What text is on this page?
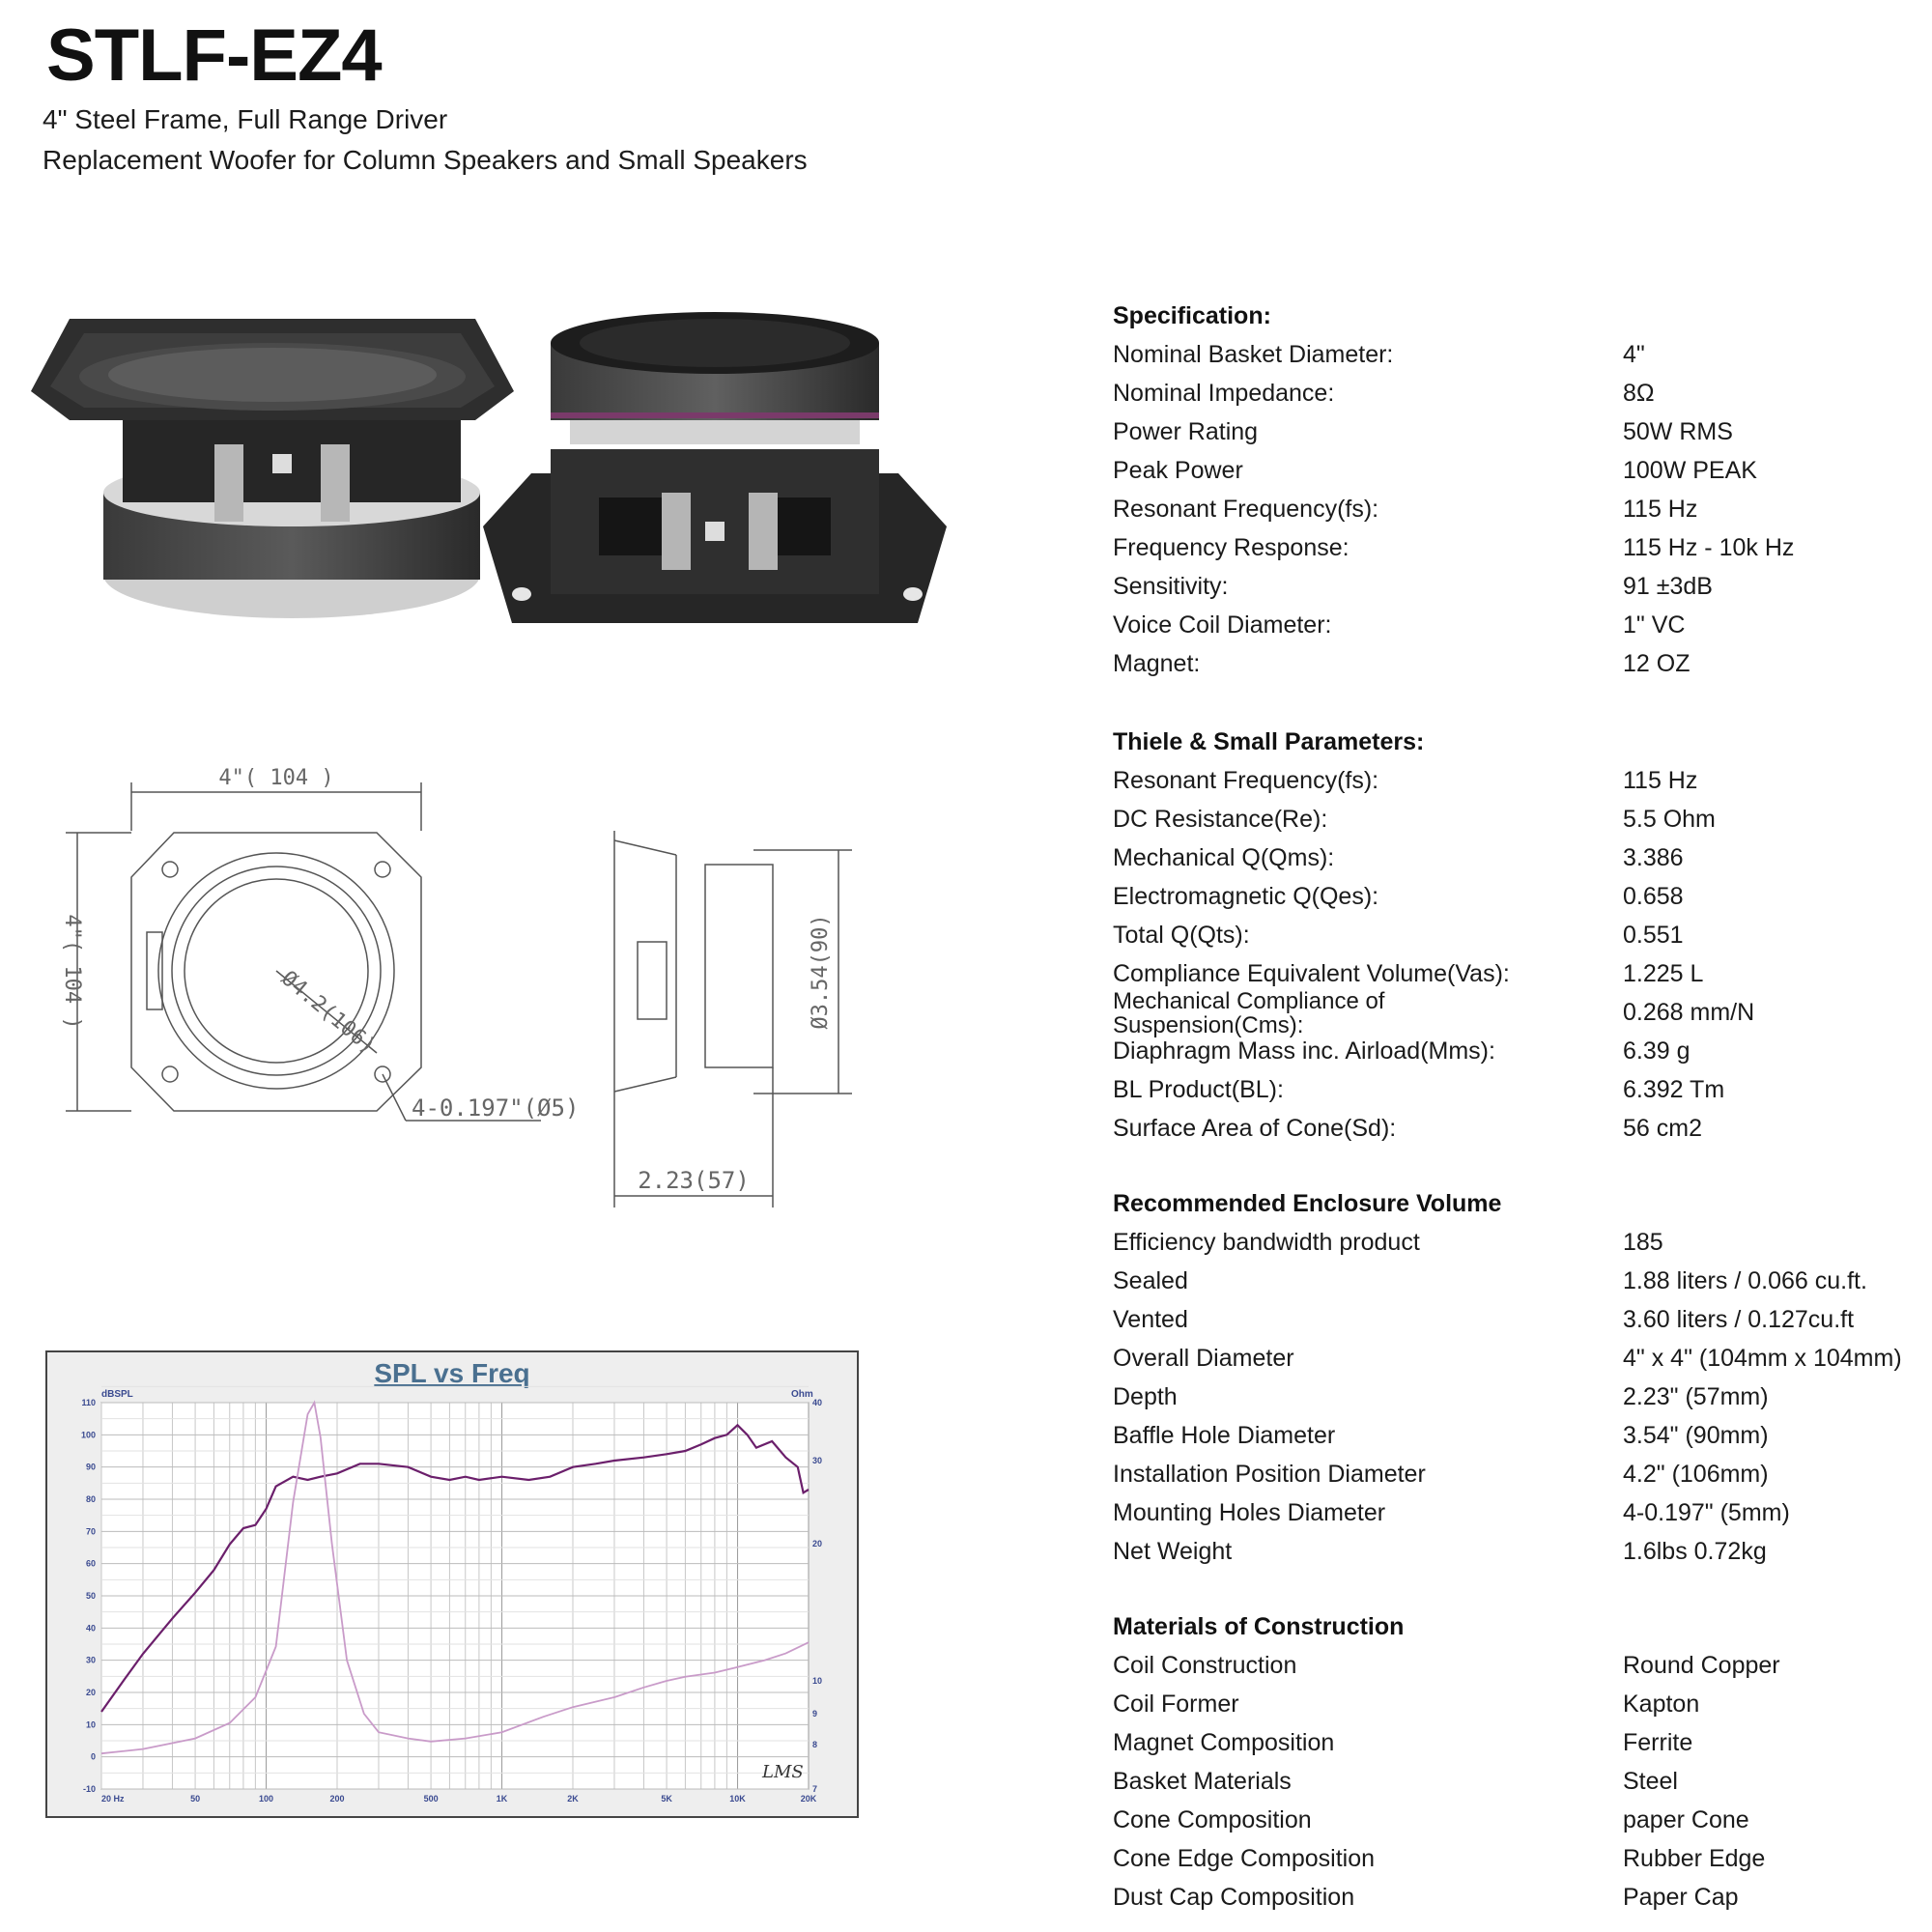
STLF-EZ4
4" Steel Frame, Full Range Driver
Replacement Woofer for Column Speakers and Small Speakers
4"( 104 )
4"( 104 )	Ø4.2(106)
4-0.197"(Ø5)
2.23(57)
Ø3.54(90)
SPL vs Freq
20 Hz	50	100	200	500	1K	2K	5K	10K	20K
110
100
90
80
70
60
50
40
30
20
10
0
-10
40
30
20
10
9
8
7
dBSPL	Ohm
LMS
Specification:
Nominal Basket Diameter:	4"
Nominal Impedance:	8Ω
Power Rating	50W RMS
Peak Power	100W PEAK
Resonant Frequency(fs):	115 Hz
Frequency Response:	115 Hz - 10k Hz
Sensitivity:	91 ±3dB
Voice Coil Diameter:	1" VC
Magnet:	12 OZ
Thiele & Small Parameters:
Resonant Frequency(fs):	115 Hz
DC Resistance(Re):	5.5 Ohm
Mechanical Q(Qms):	3.386
Electromagnetic Q(Qes):	0.658
Total Q(Qts):	0.551
Compliance Equivalent Volume(Vas):	1.225 L
Mechanical Compliance of Suspension(Cms):	0.268 mm/N
Diaphragm Mass inc. Airload(Mms):	6.39 g
BL Product(BL):	6.392 Tm
Surface Area of Cone(Sd):	56 cm2
Recommended Enclosure Volume
Efficiency bandwidth product	185
Sealed	1.88 liters / 0.066 cu.ft.
Vented	3.60 liters / 0.127cu.ft
Overall Diameter	4" x 4" (104mm x 104mm)
Depth	2.23" (57mm)
Baffle Hole Diameter	3.54" (90mm)
Installation Position Diameter	4.2" (106mm)
Mounting Holes Diameter	4-0.197" (5mm)
Net Weight	1.6lbs 0.72kg
Materials of Construction
Coil Construction	Round Copper
Coil Former	Kapton
Magnet Composition	Ferrite
Basket Materials	Steel
Cone Composition	paper Cone
Cone Edge Composition	Rubber Edge
Dust Cap Composition	Paper Cap
